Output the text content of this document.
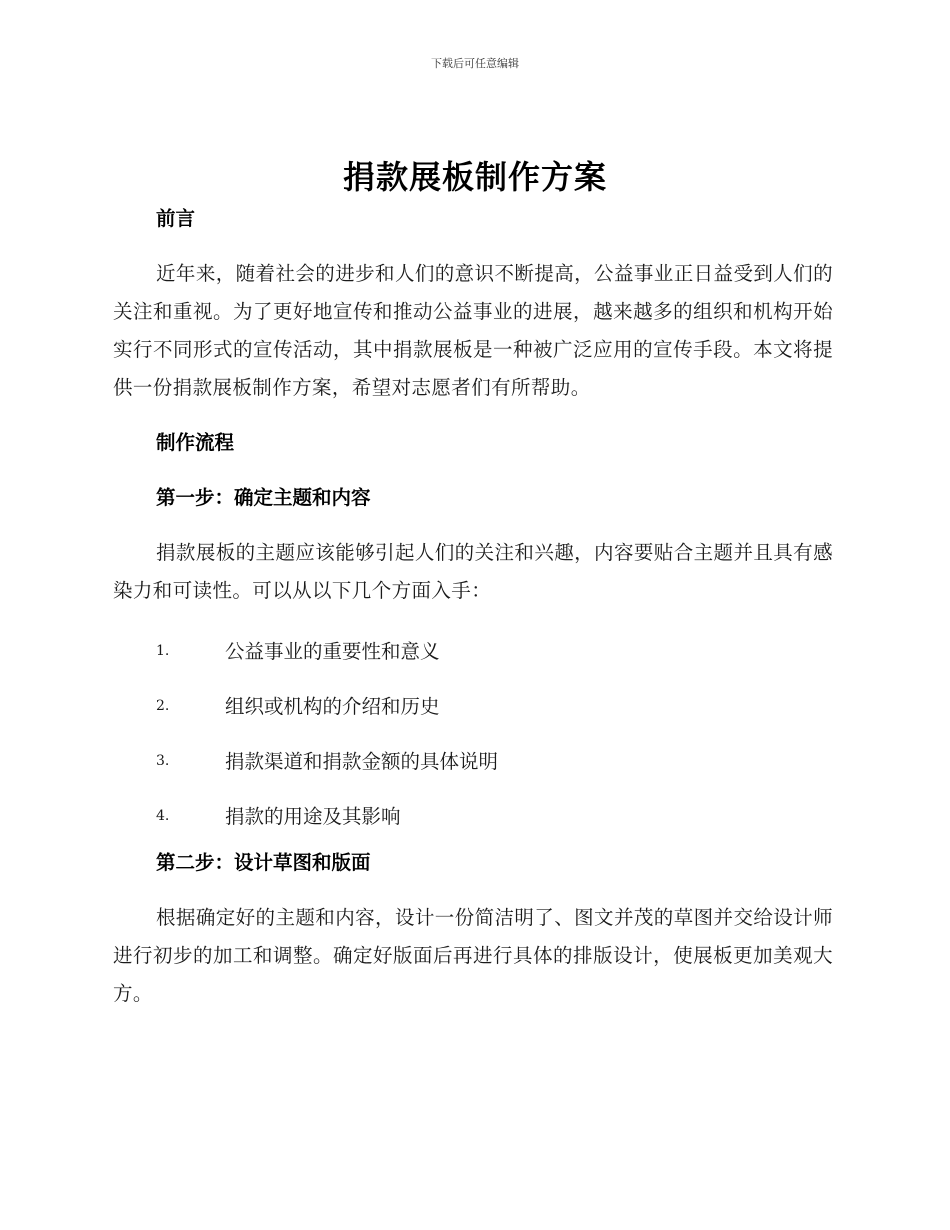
下载后可任意编辑
捐款展板制作方案

前言

近年来，随着社会的进步和人们的意识不断提高，公益事业正日益受到人们的关注和重视。为了更好地宣传和推动公益事业的进展，越来越多的组织和机构开始实行不同形式的宣传活动，其中捐款展板是一种被广泛应用的宣传手段。本文将提供一份捐款展板制作方案，希望对志愿者们有所帮助。

制作流程

第一步：确定主题和内容

捐款展板的主题应该能够引起人们的关注和兴趣，内容要贴合主题并且具有感染力和可读性。可以从以下几个方面入手：

1.	公益事业的重要性和意义
2.	组织或机构的介绍和历史
3.	捐款渠道和捐款金额的具体说明
4.	捐款的用途及其影响

第二步：设计草图和版面

根据确定好的主题和内容，设计一份简洁明了、图文并茂的草图并交给设计师进行初步的加工和调整。确定好版面后再进行具体的排版设计，使展板更加美观大方。
